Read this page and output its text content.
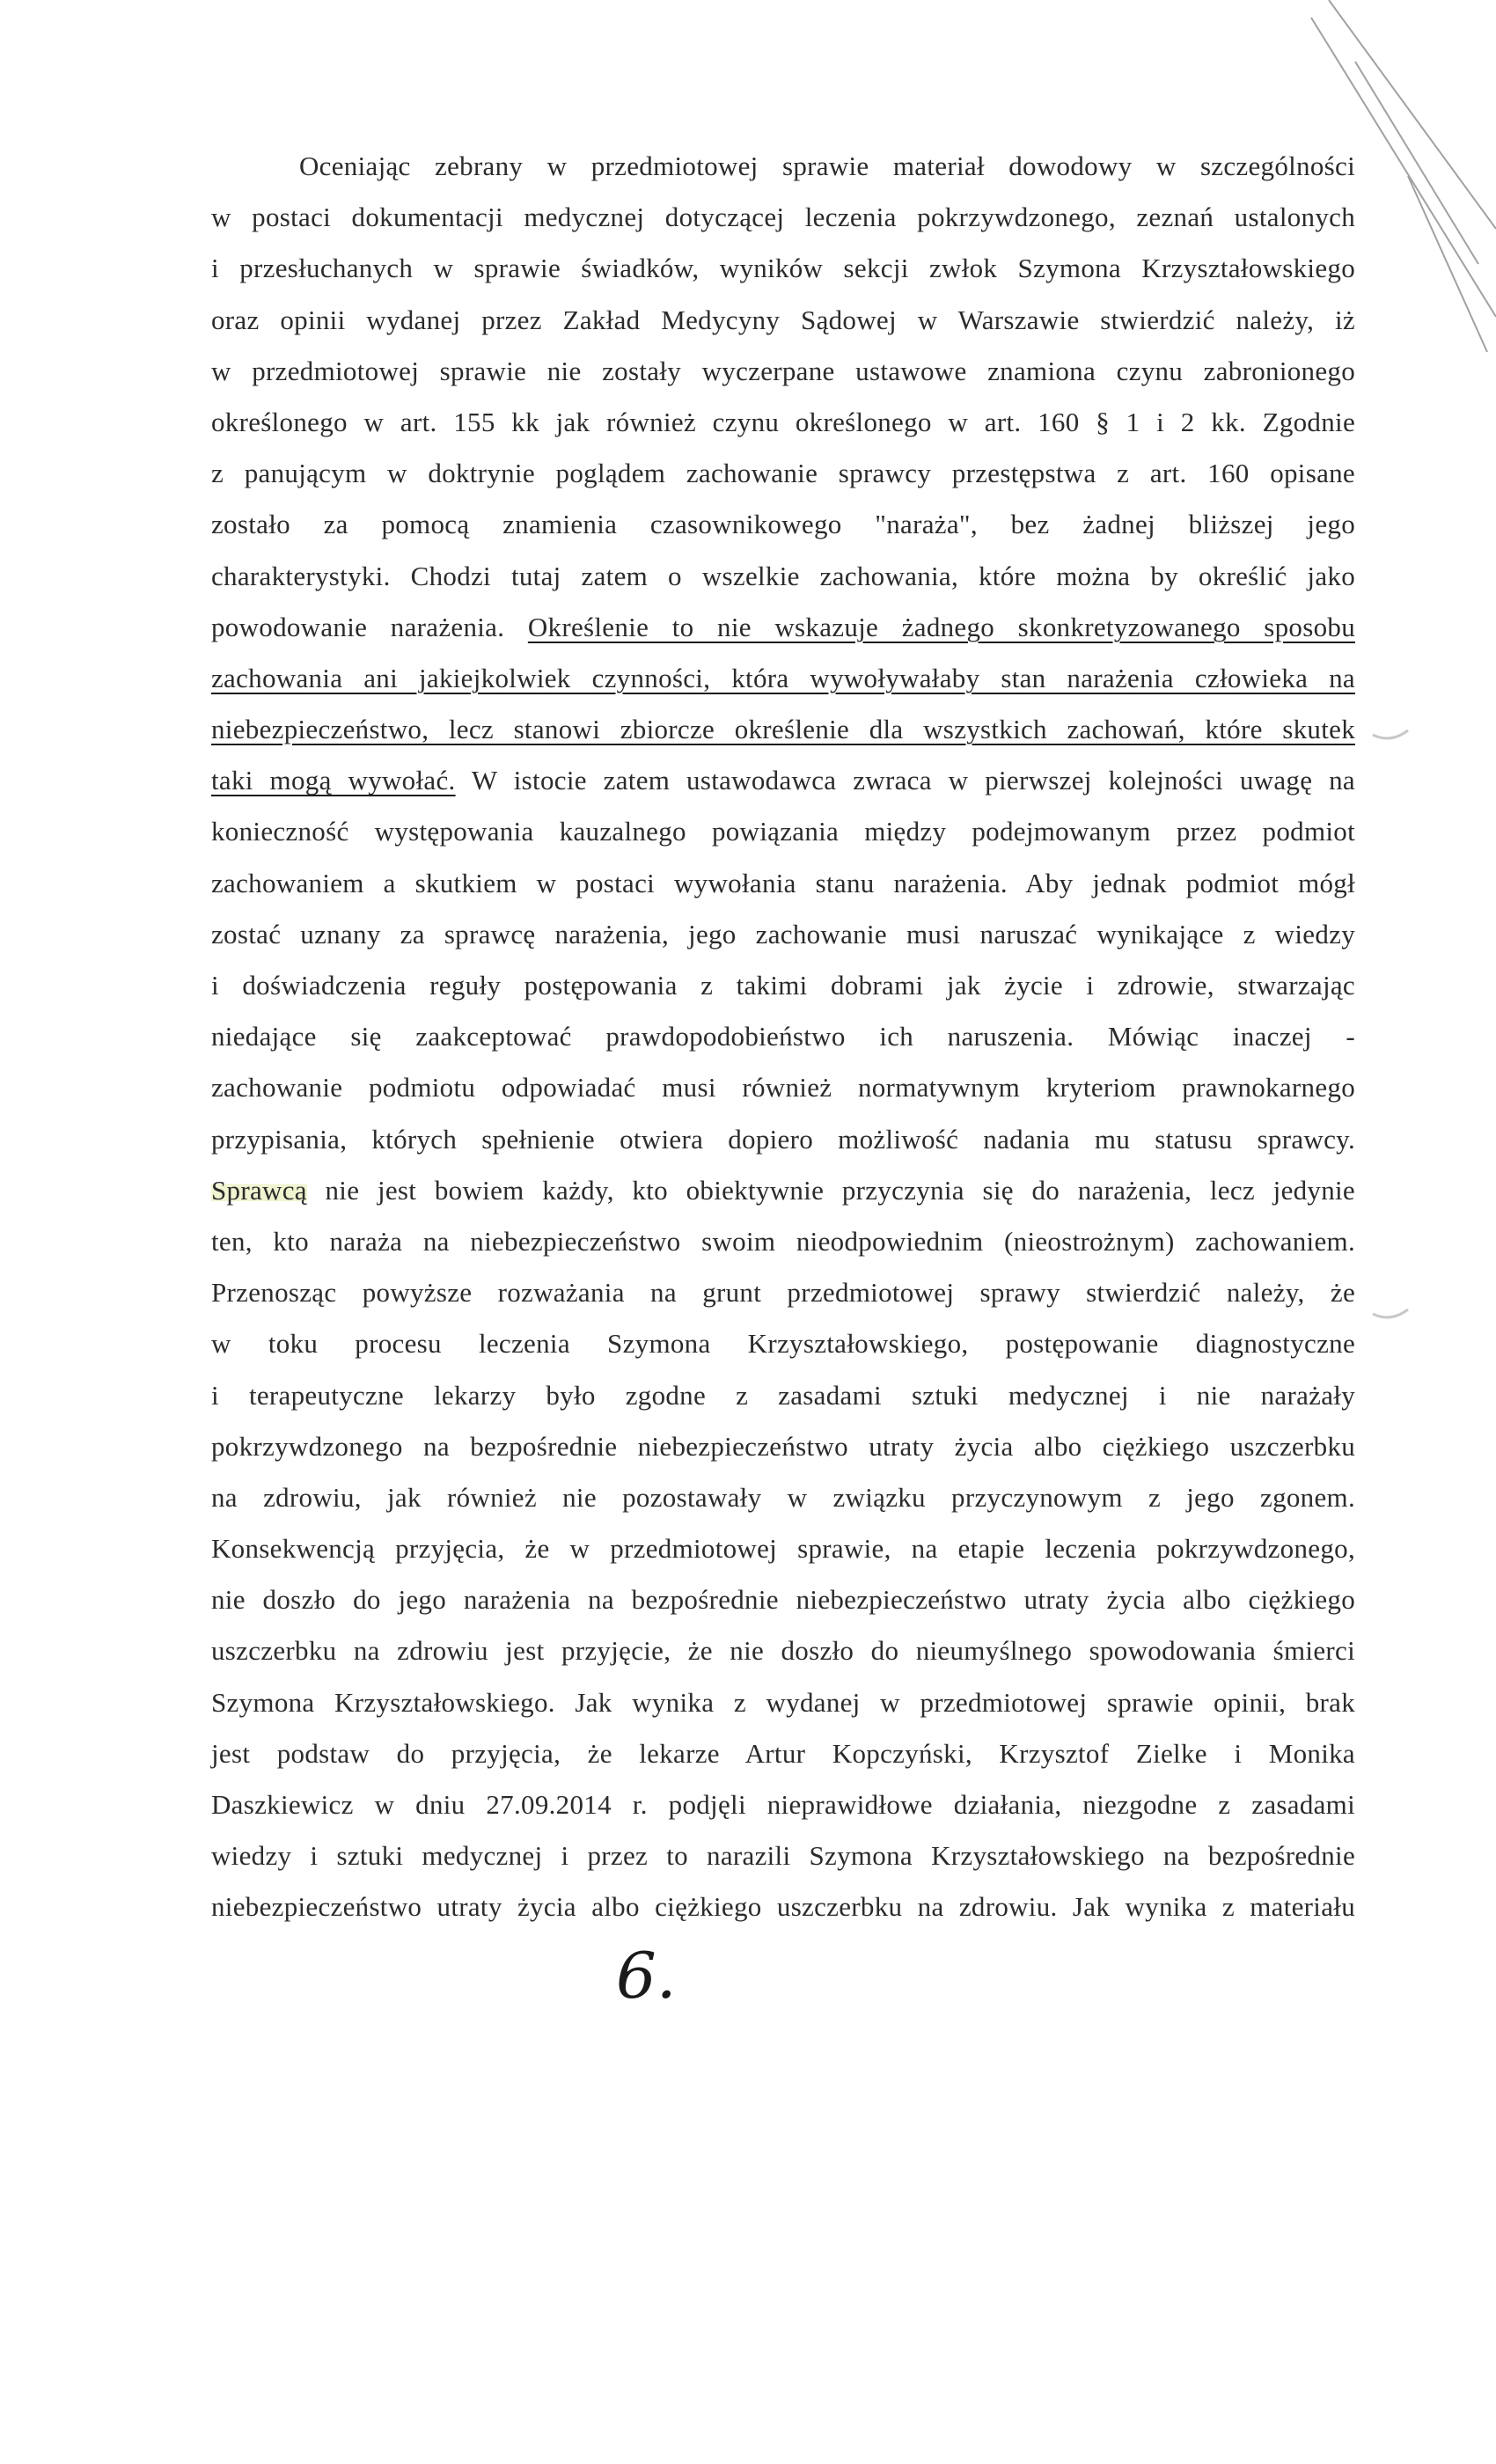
Oceniając zebrany w przedmiotowej sprawie materiał dowodowy w szczególności
w postaci dokumentacji medycznej dotyczącej leczenia pokrzywdzonego, zeznań ustalonych
i przesłuchanych w sprawie świadków, wyników sekcji zwłok Szymona Krzyształowskiego
oraz opinii wydanej przez Zakład Medycyny Sądowej w Warszawie stwierdzić należy, iż
w przedmiotowej sprawie nie zostały wyczerpane ustawowe znamiona czynu zabronionego
określonego w art. 155 kk jak również czynu określonego w art. 160 § 1 i 2 kk. Zgodnie
z panującym w doktrynie poglądem zachowanie sprawcy przestępstwa z art. 160 opisane
zostało za pomocą znamienia czasownikowego "naraża", bez żadnej bliższej jego
charakterystyki. Chodzi tutaj zatem o wszelkie zachowania, które można by określić jako
powodowanie narażenia. Określenie to nie wskazuje żadnego skonkretyzowanego sposobu
zachowania ani jakiejkolwiek czynności, która wywoływałaby stan narażenia człowieka na
niebezpieczeństwo, lecz stanowi zbiorcze określenie dla wszystkich zachowań, które skutek
taki mogą wywołać. W istocie zatem ustawodawca zwraca w pierwszej kolejności uwagę na
konieczność występowania kauzalnego powiązania między podejmowanym przez podmiot
zachowaniem a skutkiem w postaci wywołania stanu narażenia. Aby jednak podmiot mógł
zostać uznany za sprawcę narażenia, jego zachowanie musi naruszać wynikające z wiedzy
i doświadczenia reguły postępowania z takimi dobrami jak życie i zdrowie, stwarzając
niedające się zaakceptować prawdopodobieństwo ich naruszenia. Mówiąc inaczej -
zachowanie podmiotu odpowiadać musi również normatywnym kryteriom prawnokarnego
przypisania, których spełnienie otwiera dopiero możliwość nadania mu statusu sprawcy.
Sprawcą nie jest bowiem każdy, kto obiektywnie przyczynia się do narażenia, lecz jedynie
ten, kto naraża na niebezpieczeństwo swoim nieodpowiednim (nieostrożnym) zachowaniem.
Przenosząc powyższe rozważania na grunt przedmiotowej sprawy stwierdzić należy, że
w toku procesu leczenia Szymona Krzyształowskiego, postępowanie diagnostyczne
i terapeutyczne lekarzy było zgodne z zasadami sztuki medycznej i nie narażały
pokrzywdzonego na bezpośrednie niebezpieczeństwo utraty życia albo ciężkiego uszczerbku
na zdrowiu, jak również nie pozostawały w związku przyczynowym z jego zgonem.
Konsekwencją przyjęcia, że w przedmiotowej sprawie, na etapie leczenia pokrzywdzonego,
nie doszło do jego narażenia na bezpośrednie niebezpieczeństwo utraty życia albo ciężkiego
uszczerbku na zdrowiu jest przyjęcie, że nie doszło do nieumyślnego spowodowania śmierci
Szymona Krzyształowskiego. Jak wynika z wydanej w przedmiotowej sprawie opinii, brak
jest podstaw do przyjęcia, że lekarze Artur Kopczyński, Krzysztof Zielke i Monika
Daszkiewicz w dniu 27.09.2014 r. podjęli nieprawidłowe działania, niezgodne z zasadami
wiedzy i sztuki medycznej i przez to narazili Szymona Krzyształowskiego na bezpośrednie
niebezpieczeństwo utraty życia albo ciężkiego uszczerbku na zdrowiu. Jak wynika z materiału
6.
